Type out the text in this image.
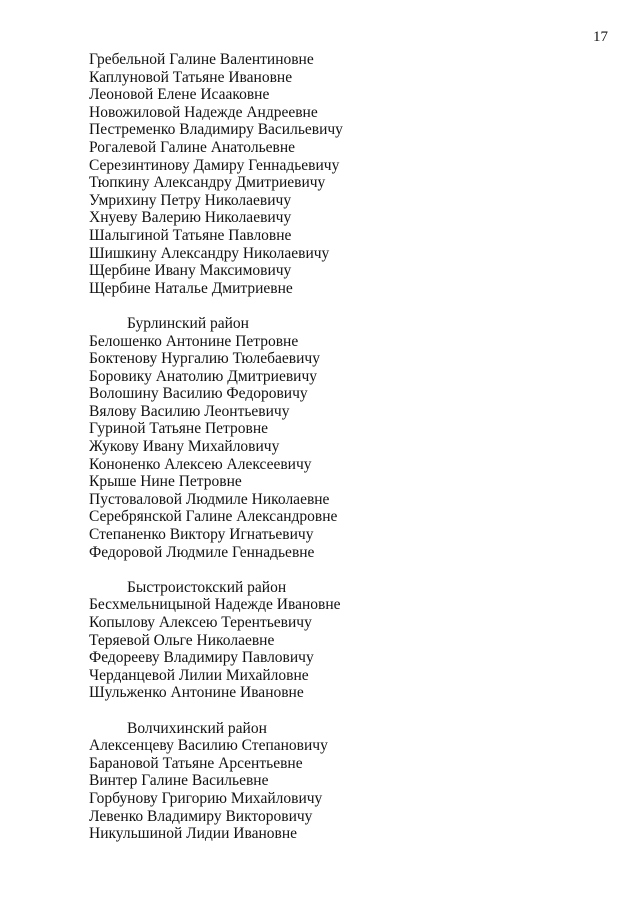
17
Гребельной Галине Валентиновне
Каплуновой Татьяне Ивановне
Леоновой Елене Исааковне
Новожиловой Надежде Андреевне
Пестременко Владимиру Васильевичу
Рогалевой Галине Анатольевне
Серезинтинову Дамиру Геннадьевичу
Тюпкину Александру Дмитриевичу
Умрихину Петру Николаевичу
Хнуеву Валерию Николаевичу
Шалыгиной Татьяне Павловне
Шишкину Александру Николаевичу
Щербине Ивану Максимовичу
Щербине Наталье Дмитриевне
Бурлинский район
Белошенко Антонине Петровне
Боктенову Нургалию Тюлебаевичу
Боровику Анатолию Дмитриевичу
Волошину Василию Федоровичу
Вялову Василию Леонтьевичу
Гуриной Татьяне Петровне
Жукову Ивану Михайловичу
Кононенко Алексею Алексеевичу
Крыше Нине Петровне
Пустоваловой Людмиле Николаевне
Серебрянской Галине Александровне
Степаненко Виктору Игнатьевичу
Федоровой Людмиле Геннадьевне
Быстроистокский район
Бесхмельницыной Надежде Ивановне
Копылову Алексею Терентьевичу
Теряевой Ольге Николаевне
Федорееву Владимиру Павловичу
Черданцевой Лилии Михайловне
Шульженко Антонине Ивановне
Волчихинский район
Алексенцеву Василию Степановичу
Барановой Татьяне Арсентьевне
Винтер Галине Васильевне
Горбунову Григорию Михайловичу
Левенко Владимиру Викторовичу
Никульшиной Лидии Ивановне
